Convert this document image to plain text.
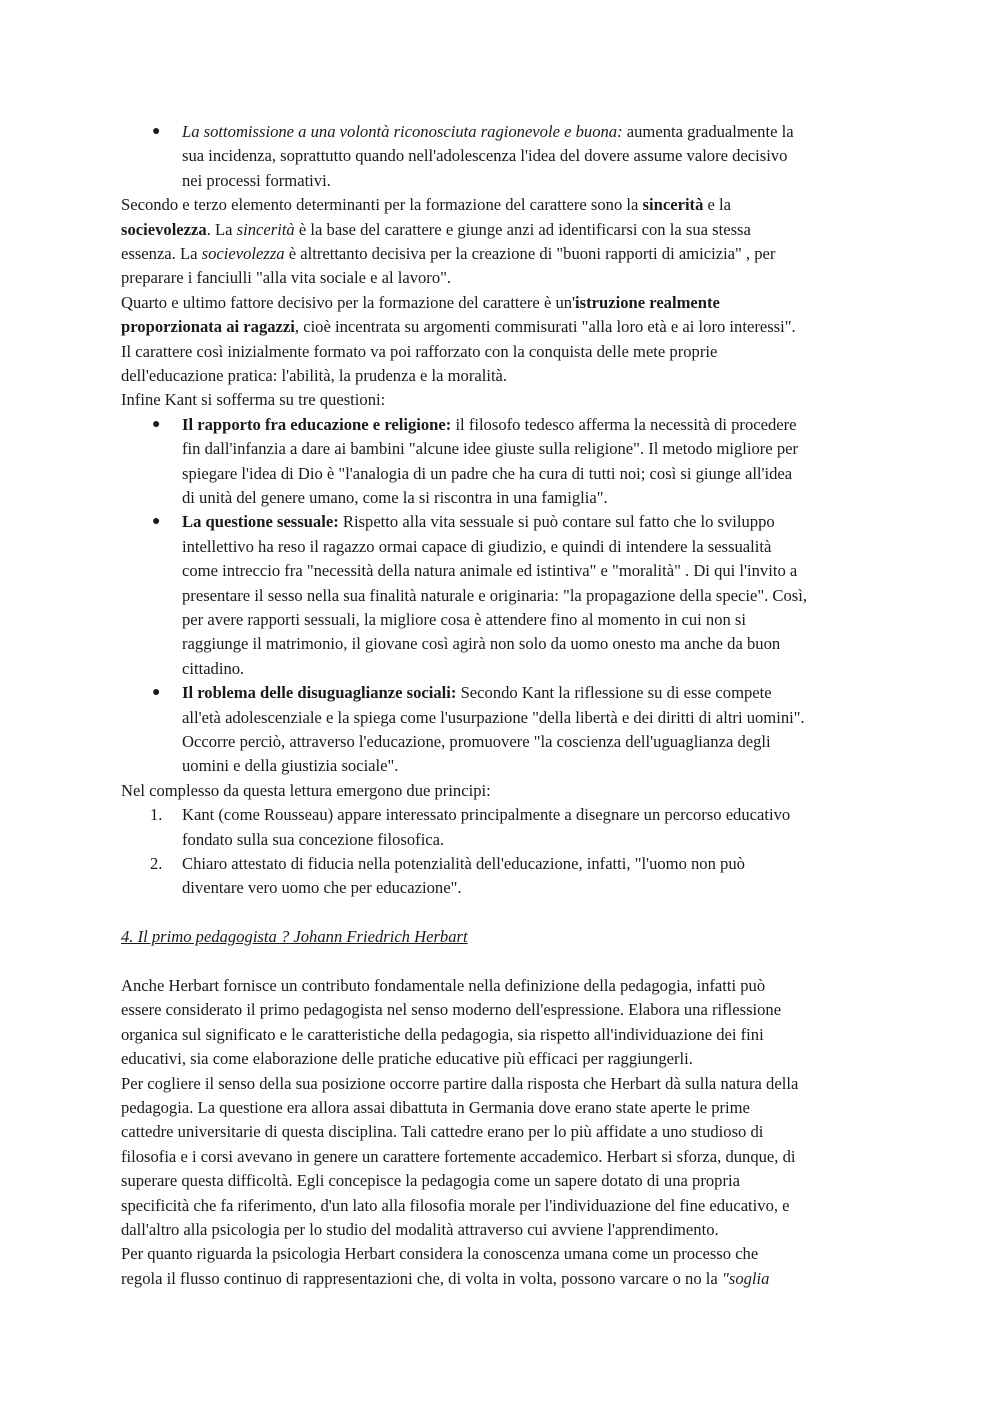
● La sottomissione a una volontà riconosciuta ragionevole e buona: aumenta gradualmente la
sua incidenza, soprattutto quando nell'adolescenza l'idea del dovere assume valore decisivo
nei processi formativi.
Secondo e terzo elemento determinanti per la formazione del carattere sono la sincerità e la
socievolezza. La sincerità è la base del carattere e giunge anzi ad identificarsi con la sua stessa
essenza. La socievolezza è altrettanto decisiva per la creazione di "buoni rapporti di amicizia" , per
preparare i fanciulli "alla vita sociale e al lavoro".
Quarto e ultimo fattore decisivo per la formazione del carattere è un'istruzione realmente
proporzionata ai ragazzi, cioè incentrata su argomenti commisurati "alla loro età e ai loro interessi".
Il carattere così inizialmente formato va poi rafforzato con la conquista delle mete proprie
dell'educazione pratica: l'abilità, la prudenza e la moralità.
Infine Kant si sofferma su tre questioni:
● Il rapporto fra educazione e religione: il filosofo tedesco afferma la necessità di procedere
fin dall'infanzia a dare ai bambini "alcune idee giuste sulla religione". Il metodo migliore per
spiegare l'idea di Dio è "l'analogia di un padre che ha cura di tutti noi; così si giunge all'idea
di unità del genere umano, come la si riscontra in una famiglia".
● La questione sessuale: Rispetto alla vita sessuale si può contare sul fatto che lo sviluppo
intellettivo ha reso il ragazzo ormai capace di giudizio, e quindi di intendere la sessualità
come intreccio fra "necessità della natura animale ed istintiva" e "moralità" . Di qui l'invito a
presentare il sesso nella sua finalità naturale e originaria: "la propagazione della specie". Così,
per avere rapporti sessuali, la migliore cosa è attendere fino al momento in cui non si
raggiunge il matrimonio, il giovane così agirà non solo da uomo onesto ma anche da buon
cittadino.
● Il roblema delle disuguaglianze sociali: Secondo Kant la riflessione su di esse compete
all'età adolescenziale e la spiega come l'usurpazione "della libertà e dei diritti di altri uomini".
Occorre perciò, attraverso l'educazione, promuovere "la coscienza dell'uguaglianza degli
uomini e della giustizia sociale".
Nel complesso da questa lettura emergono due principi:
1. Kant (come Rousseau) appare interessato principalmente a disegnare un percorso educativo
fondato sulla sua concezione filosofica.
2. Chiaro attestato di fiducia nella potenzialità dell'educazione, infatti, "l'uomo non può
diventare vero uomo che per educazione".
4. Il primo pedagogista ? Johann Friedrich Herbart
Anche Herbart fornisce un contributo fondamentale nella definizione della pedagogia, infatti può
essere considerato il primo pedagogista nel senso moderno dell'espressione. Elabora una riflessione
organica sul significato e le caratteristiche della pedagogia, sia rispetto all'individuazione dei fini
educativi, sia come elaborazione delle pratiche educative più efficaci per raggiungerli.
Per cogliere il senso della sua posizione occorre partire dalla risposta che Herbart dà sulla natura della
pedagogia. La questione era allora assai dibattuta in Germania dove erano state aperte le prime
cattedre universitarie di questa disciplina. Tali cattedre erano per lo più affidate a uno studioso di
filosofia e i corsi avevano in genere un carattere fortemente accademico. Herbart si sforza, dunque, di
superare questa difficoltà. Egli concepisce la pedagogia come un sapere dotato di una propria
specificità che fa riferimento, d'un lato alla filosofia morale per l'individuazione del fine educativo, e
dall'altro alla psicologia per lo studio del modalità attraverso cui avviene l'apprendimento.
Per quanto riguarda la psicologia Herbart considera la conoscenza umana come un processo che
regola il flusso continuo di rappresentazioni che, di volta in volta, possono varcare o no la "soglia
